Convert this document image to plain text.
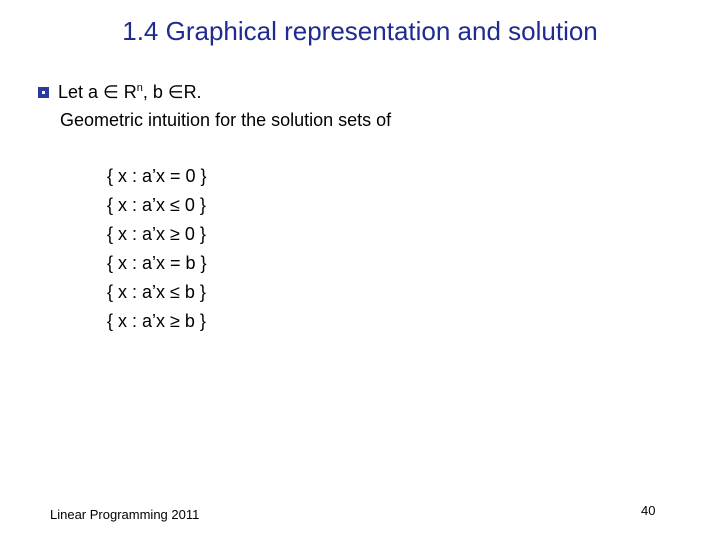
1.4 Graphical representation and solution
Let a ∈ $R^n$, b ∈R.
Geometric intuition for the solution sets of
{ x : a’x = 0 }
{ x : a’x ≤ 0 }
{ x : a’x ≥ 0 }
{ x : a’x = b }
{ x : a’x ≤ b }
{ x : a’x ≥ b }
Linear Programming 2011	40
